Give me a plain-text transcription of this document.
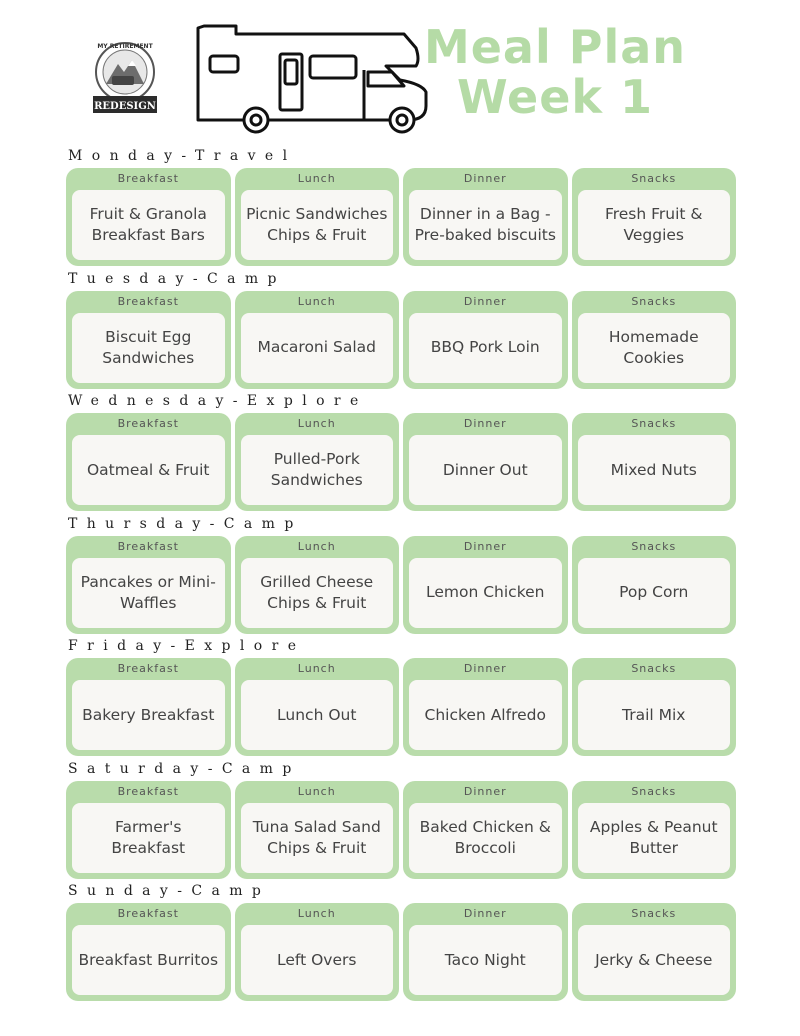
MY RETIREMENT
REDESIGN
Meal Plan
Week 1
Monday-Travel
Breakfast
Fruit & Granola Breakfast Bars
Lunch
Picnic Sandwiches Chips & Fruit
Dinner
Dinner in a Bag - Pre-baked biscuits
Snacks
Fresh Fruit & Veggies
Tuesday-Camp
Breakfast
Biscuit Egg Sandwiches
Lunch
Macaroni Salad
Dinner
BBQ Pork Loin
Snacks
Homemade Cookies
Wednesday-Explore
Breakfast
Oatmeal & Fruit
Lunch
Pulled-Pork Sandwiches
Dinner
Dinner Out
Snacks
Mixed Nuts
Thursday-Camp
Breakfast
Pancakes or Mini-Waffles
Lunch
Grilled Cheese Chips & Fruit
Dinner
Lemon Chicken
Snacks
Pop Corn
Friday-Explore
Breakfast
Bakery Breakfast
Lunch
Lunch Out
Dinner
Chicken Alfredo
Snacks
Trail Mix
Saturday-Camp
Breakfast
Farmer's Breakfast
Lunch
Tuna Salad Sand Chips & Fruit
Dinner
Baked Chicken & Broccoli
Snacks
Apples & Peanut Butter
Sunday-Camp
Breakfast
Breakfast Burritos
Lunch
Left Overs
Dinner
Taco Night
Snacks
Jerky & Cheese
